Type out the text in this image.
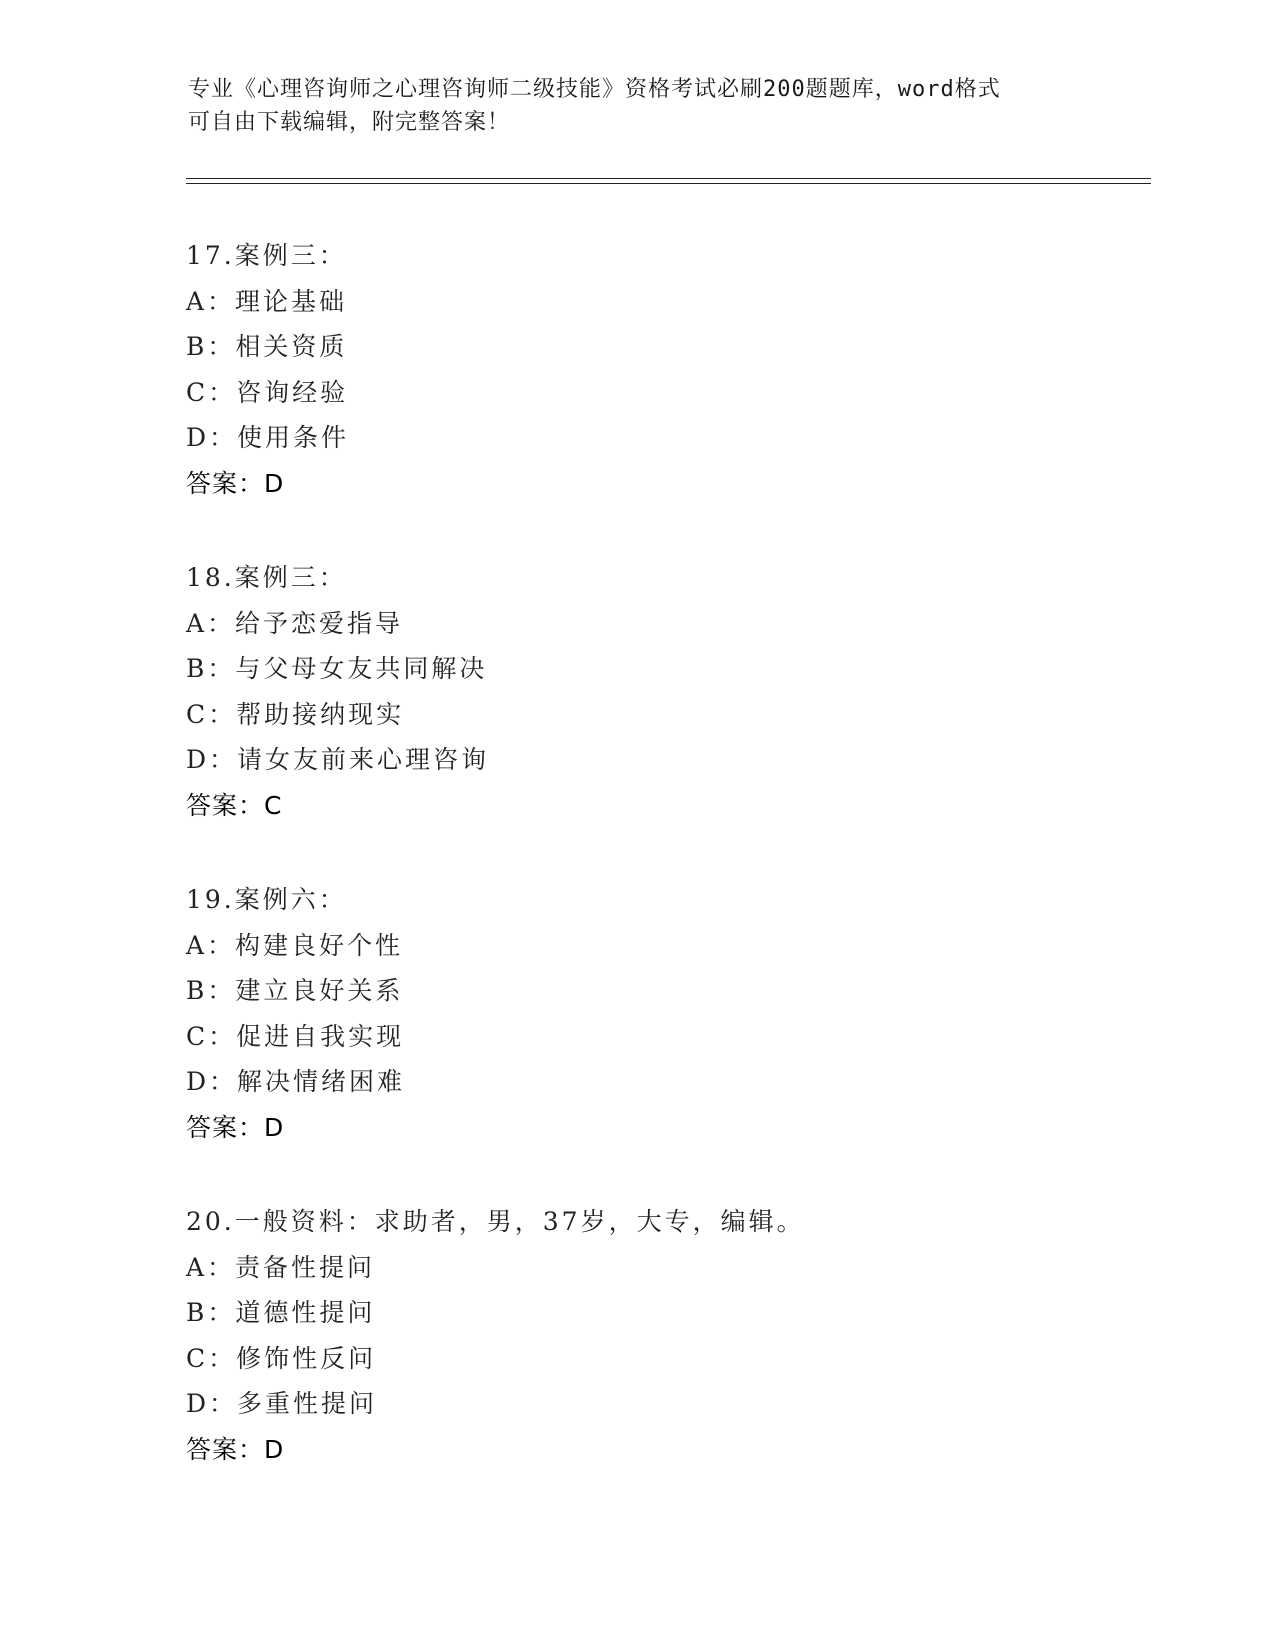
专业《心理咨询师之心理咨询师二级技能》资格考试必刷200题题库，word格式
可自由下载编辑，附完整答案！
17.案例三：
A：理论基础
B：相关资质
C：咨询经验
D：使用条件
答案：D
18.案例三：
A：给予恋爱指导
B：与父母女友共同解决
C：帮助接纳现实
D：请女友前来心理咨询
答案：C
19.案例六：
A：构建良好个性
B：建立良好关系
C：促进自我实现
D：解决情绪困难
答案：D
20.一般资料：求助者，男，37岁，大专，编辑。
A：责备性提问
B：道德性提问
C：修饰性反问
D：多重性提问
答案：D
